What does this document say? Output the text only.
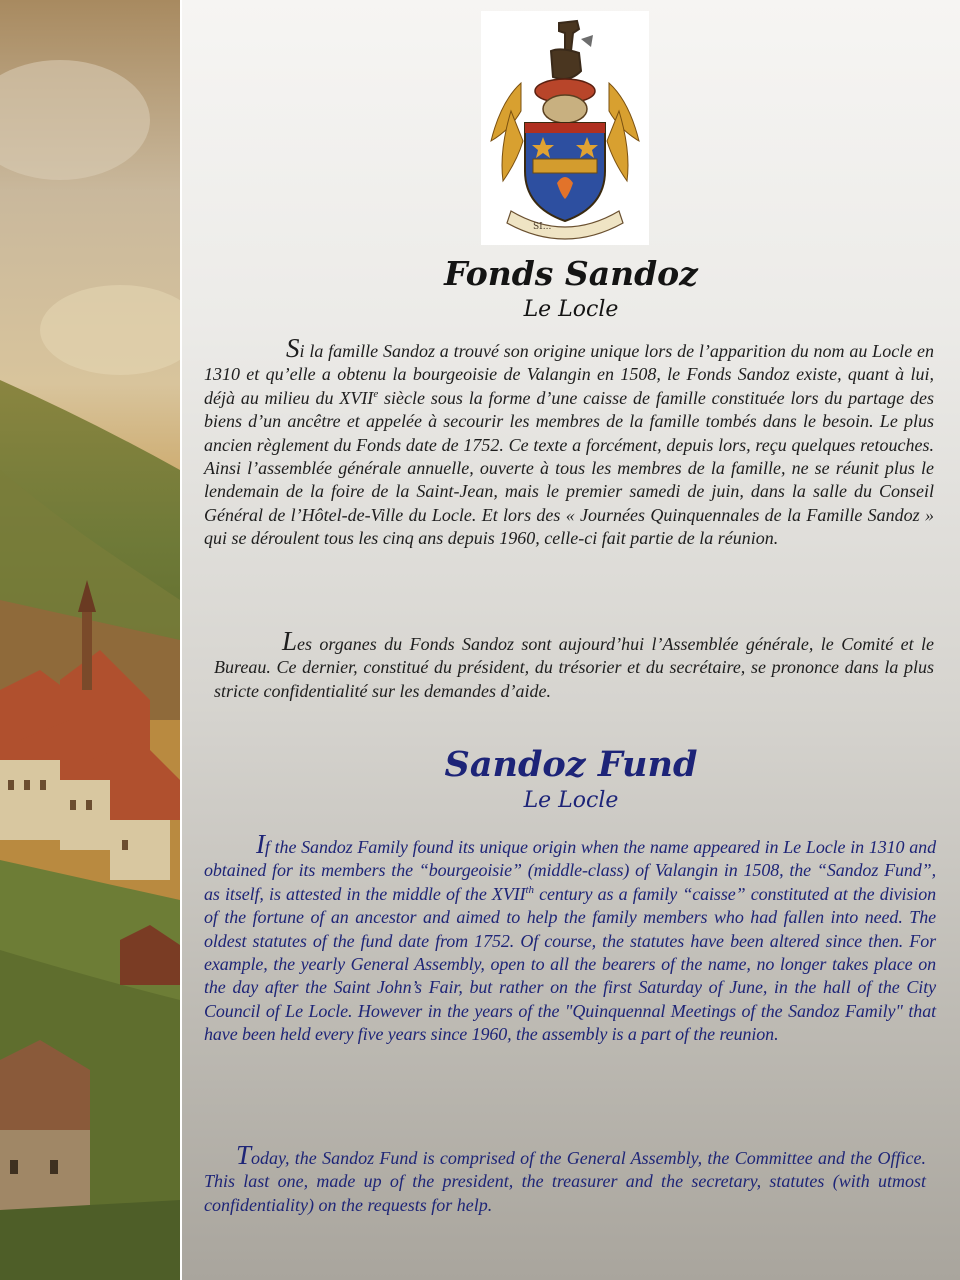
SI...
Fonds Sandoz
Le Locle

Si la famille Sandoz a trouvé son origine unique lors de l’apparition du nom au Locle en 1310 et qu’elle a obtenu la bourgeoisie de Valangin en 1508, le Fonds Sandoz existe, quant à lui, déjà au milieu du XVIIe siècle sous la forme d’une caisse de famille constituée lors du partage des biens d’un ancêtre et appelée à secourir les membres de la famille tombés dans le besoin. Le plus ancien règlement du Fonds date de 1752. Ce texte a forcément, depuis lors, reçu quelques retouches. Ainsi l’assemblée générale annuelle, ouverte à tous les membres de la famille, ne se réunit plus le lendemain de la foire de la Saint-Jean, mais le premier samedi de juin, dans la salle du Conseil Général de l’Hôtel-de-Ville du Locle. Et lors des « Journées Quinquennales de la Famille Sandoz » qui se déroulent tous les cinq ans depuis 1960, celle-ci fait partie de la réunion.

Les organes du Fonds Sandoz sont aujourd’hui l’Assemblée générale, le Comité et le Bureau. Ce dernier, constitué du président, du trésorier et du secrétaire, se prononce dans la plus stricte confidentialité sur les demandes d’aide.

Sandoz Fund
Le Locle

If the Sandoz Family found its unique origin when the name appeared in Le Locle in 1310 and obtained for its members the “bourgeoisie” (middle-class) of Valangin in 1508, the “Sandoz Fund”, as itself, is attested in the middle of the XVIIth century as a family “caisse” constituted at the division of the fortune of an ancestor and aimed to help the family members who had fallen into need. The oldest statutes of the fund date from 1752. Of course, the statutes have been altered since then. For example, the yearly General Assembly, open to all the bearers of the name, no longer takes place on the day after the Saint John’s Fair, but rather on the first Saturday of June, in the hall of the City Council of Le Locle. However in the years of the "Quinquennal Meetings of the Sandoz Family" that have been held every five years since 1960, the assembly is a part of the reunion.

Today, the Sandoz Fund is comprised of the General Assembly, the Committee and the Office. This last one, made up of the president, the treasurer and the secretary, statutes (with utmost confidentiality) on the requests for help.
